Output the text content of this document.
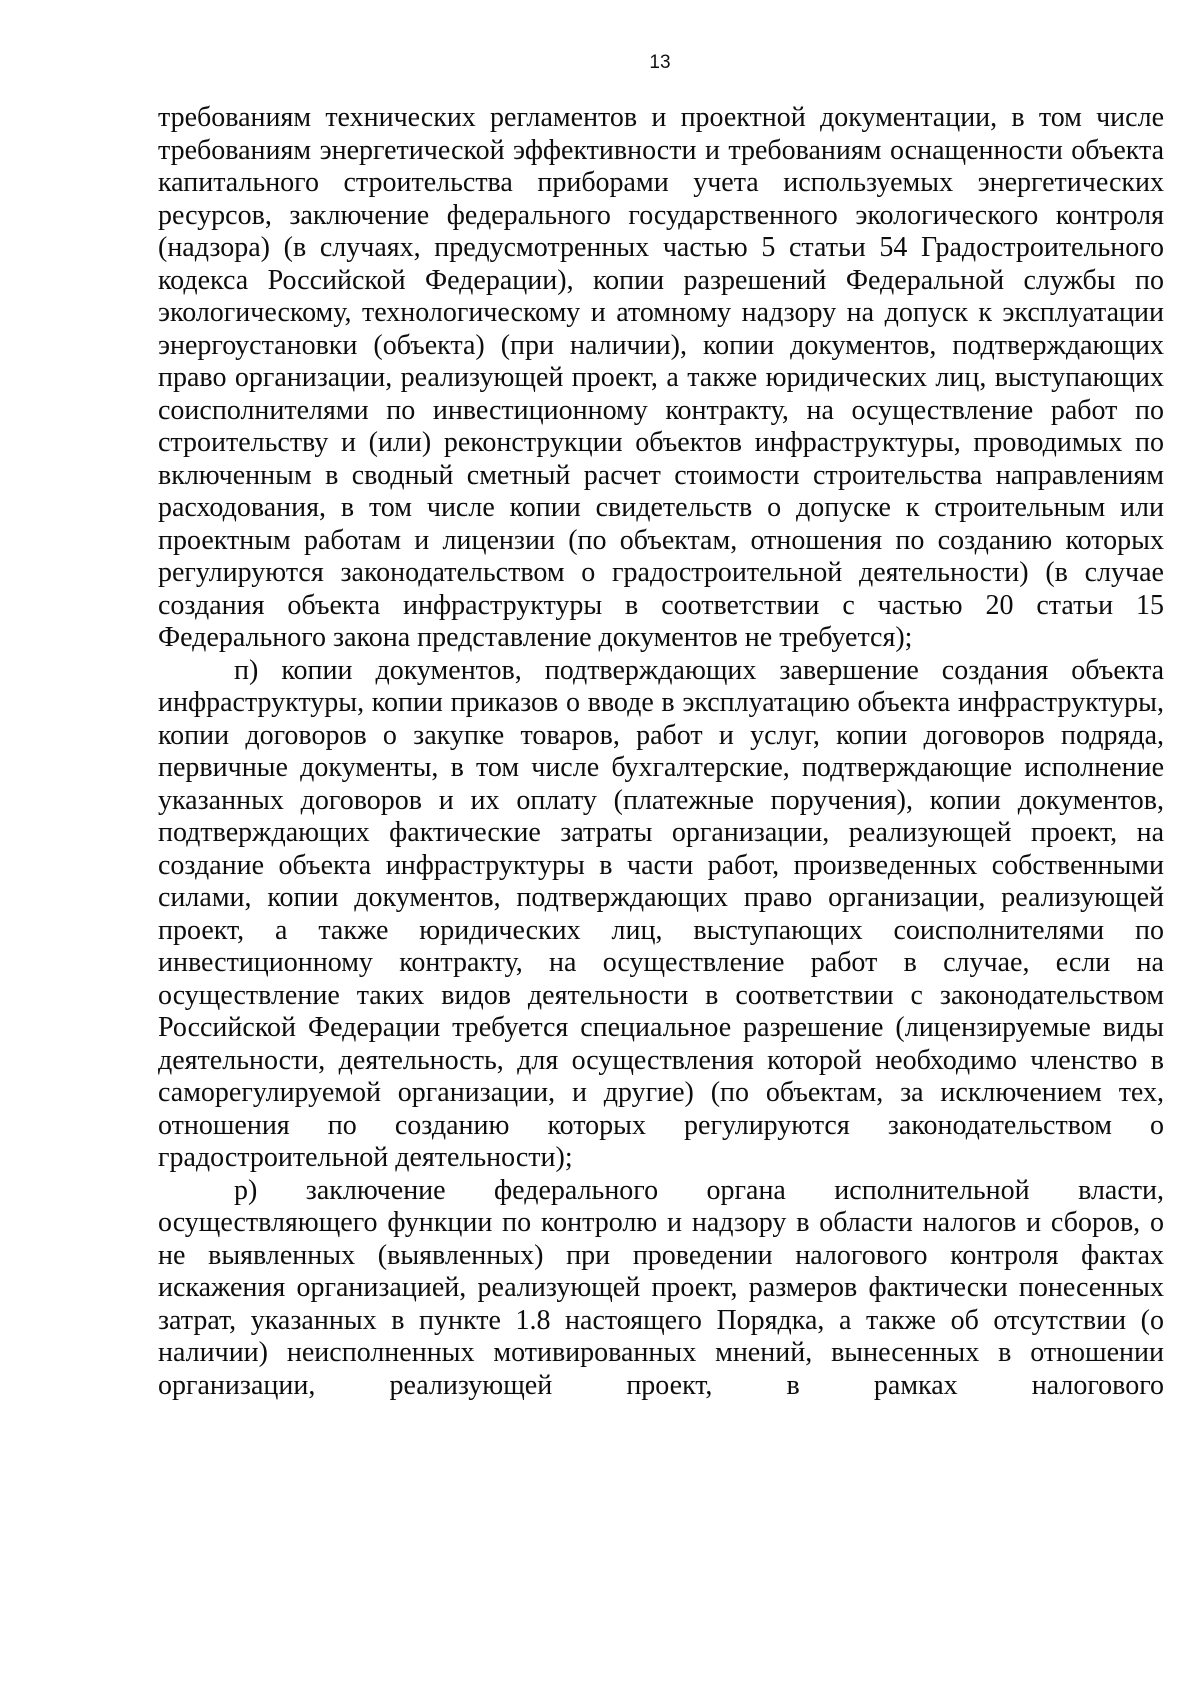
13

требованиям технических регламентов и проектной документации, в том числе требованиям энергетической эффективности и требованиям оснащенности объекта капитального строительства приборами учета используемых энергетических ресурсов, заключение федерального государственного экологического контроля (надзора) (в случаях, предусмотренных частью 5 статьи 54 Градостроительного кодекса Российской Федерации), копии разрешений Федеральной службы по экологическому, технологическому и атомному надзору на допуск к эксплуатации энергоустановки (объекта) (при наличии), копии документов, подтверждающих право организации, реализующей проект, а также юридических лиц, выступающих соисполнителями по инвестиционному контракту, на осуществление работ по строительству и (или) реконструкции объектов инфраструктуры, проводимых по включенным в сводный сметный расчет стоимости строительства направлениям расходования, в том числе копии свидетельств о допуске к строительным или проектным работам и лицензии (по объектам, отношения по созданию которых регулируются законодательством о градостроительной деятельности) (в случае создания объекта инфраструктуры в соответствии с частью 20 статьи 15 Федерального закона представление документов не требуется);

п) копии документов, подтверждающих завершение создания объекта инфраструктуры, копии приказов о вводе в эксплуатацию объекта инфраструктуры, копии договоров о закупке товаров, работ и услуг, копии договоров подряда, первичные документы, в том числе бухгалтерские, подтверждающие исполнение указанных договоров и их оплату (платежные поручения), копии документов, подтверждающих фактические затраты организации, реализующей проект, на создание объекта инфраструктуры в части работ, произведенных собственными силами, копии документов, подтверждающих право организации, реализующей проект, а также юридических лиц, выступающих соисполнителями по инвестиционному контракту, на осуществление работ в случае, если на осуществление таких видов деятельности в соответствии с законодательством Российской Федерации требуется специальное разрешение (лицензируемые виды деятельности, деятельность, для осуществления которой необходимо членство в саморегулируемой организации, и другие) (по объектам, за исключением тех, отношения по созданию которых регулируются законодательством о градостроительной деятельности);

р) заключение федерального органа исполнительной власти, осуществляющего функции по контролю и надзору в области налогов и сборов, о не выявленных (выявленных) при проведении налогового контроля фактах искажения организацией, реализующей проект, размеров фактически понесенных затрат, указанных в пункте 1.8 настоящего Порядка, а также об отсутствии (о наличии) неисполненных мотивированных мнений, вынесенных в отношении организации, реализующей проект, в рамках налогового
